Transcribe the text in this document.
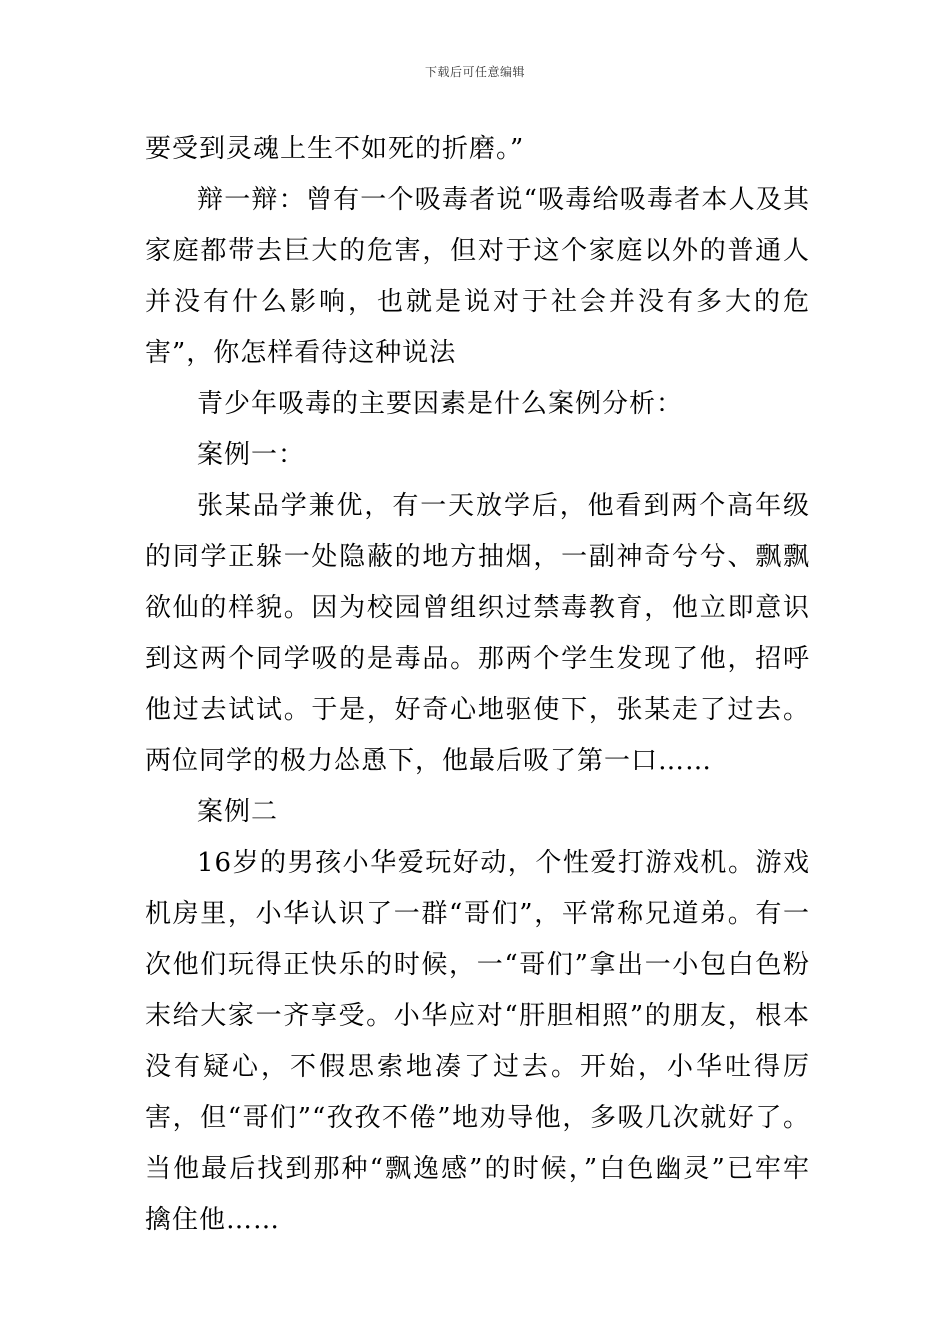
下载后可任意编辑

要受到灵魂上生不如死的折磨。”

辩一辩：曾有一个吸毒者说“吸毒给吸毒者本人及其家庭都带去巨大的危害，但对于这个家庭以外的普通人并没有什么影响，也就是说对于社会并没有多大的危害”，你怎样看待这种说法

青少年吸毒的主要因素是什么案例分析：

案例一：

张某品学兼优，有一天放学后，他看到两个高年级的同学正躲一处隐蔽的地方抽烟，一副神奇兮兮、飘飘欲仙的样貌。因为校园曾组织过禁毒教育，他立即意识到这两个同学吸的是毒品。那两个学生发现了他，招呼他过去试试。于是，好奇心地驱使下，张某走了过去。两位同学的极力怂恿下，他最后吸了第一口……

案例二

16岁的男孩小华爱玩好动，个性爱打游戏机。游戏机房里，小华认识了一群“哥们”，平常称兄道弟。有一次他们玩得正快乐的时候，一“哥们”拿出一小包白色粉末给大家一齐享受。小华应对“肝胆相照”的朋友，根本没有疑心，不假思索地凑了过去。开始，小华吐得厉害，但“哥们”“孜孜不倦”地劝导他，多吸几次就好了。当他最后找到那种“飘逸感”的时候，”白色幽灵”已牢牢擒住他……
